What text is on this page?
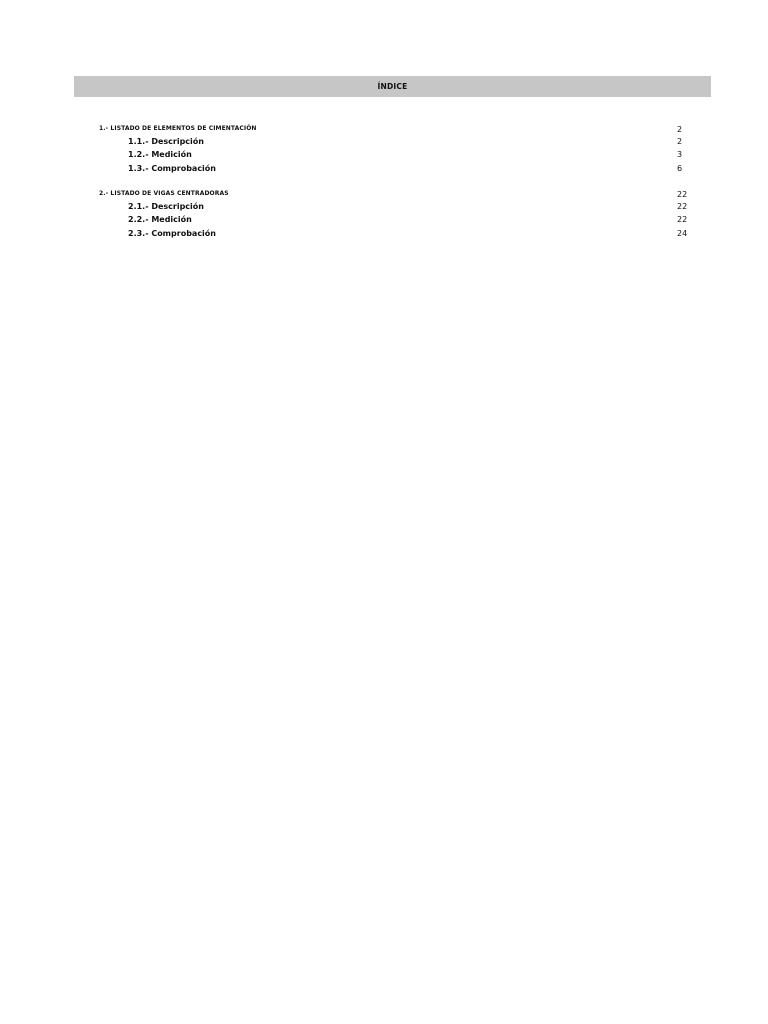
ÍNDICE
1.- LISTADO DE ELEMENTOS DE CIMENTACIÓN	2
1.1.- Descripción	2
1.2.- Medición	3
1.3.- Comprobación	6
2.- LISTADO DE VIGAS CENTRADORAS	22
2.1.- Descripción	22
2.2.- Medición	22
2.3.- Comprobación	24
